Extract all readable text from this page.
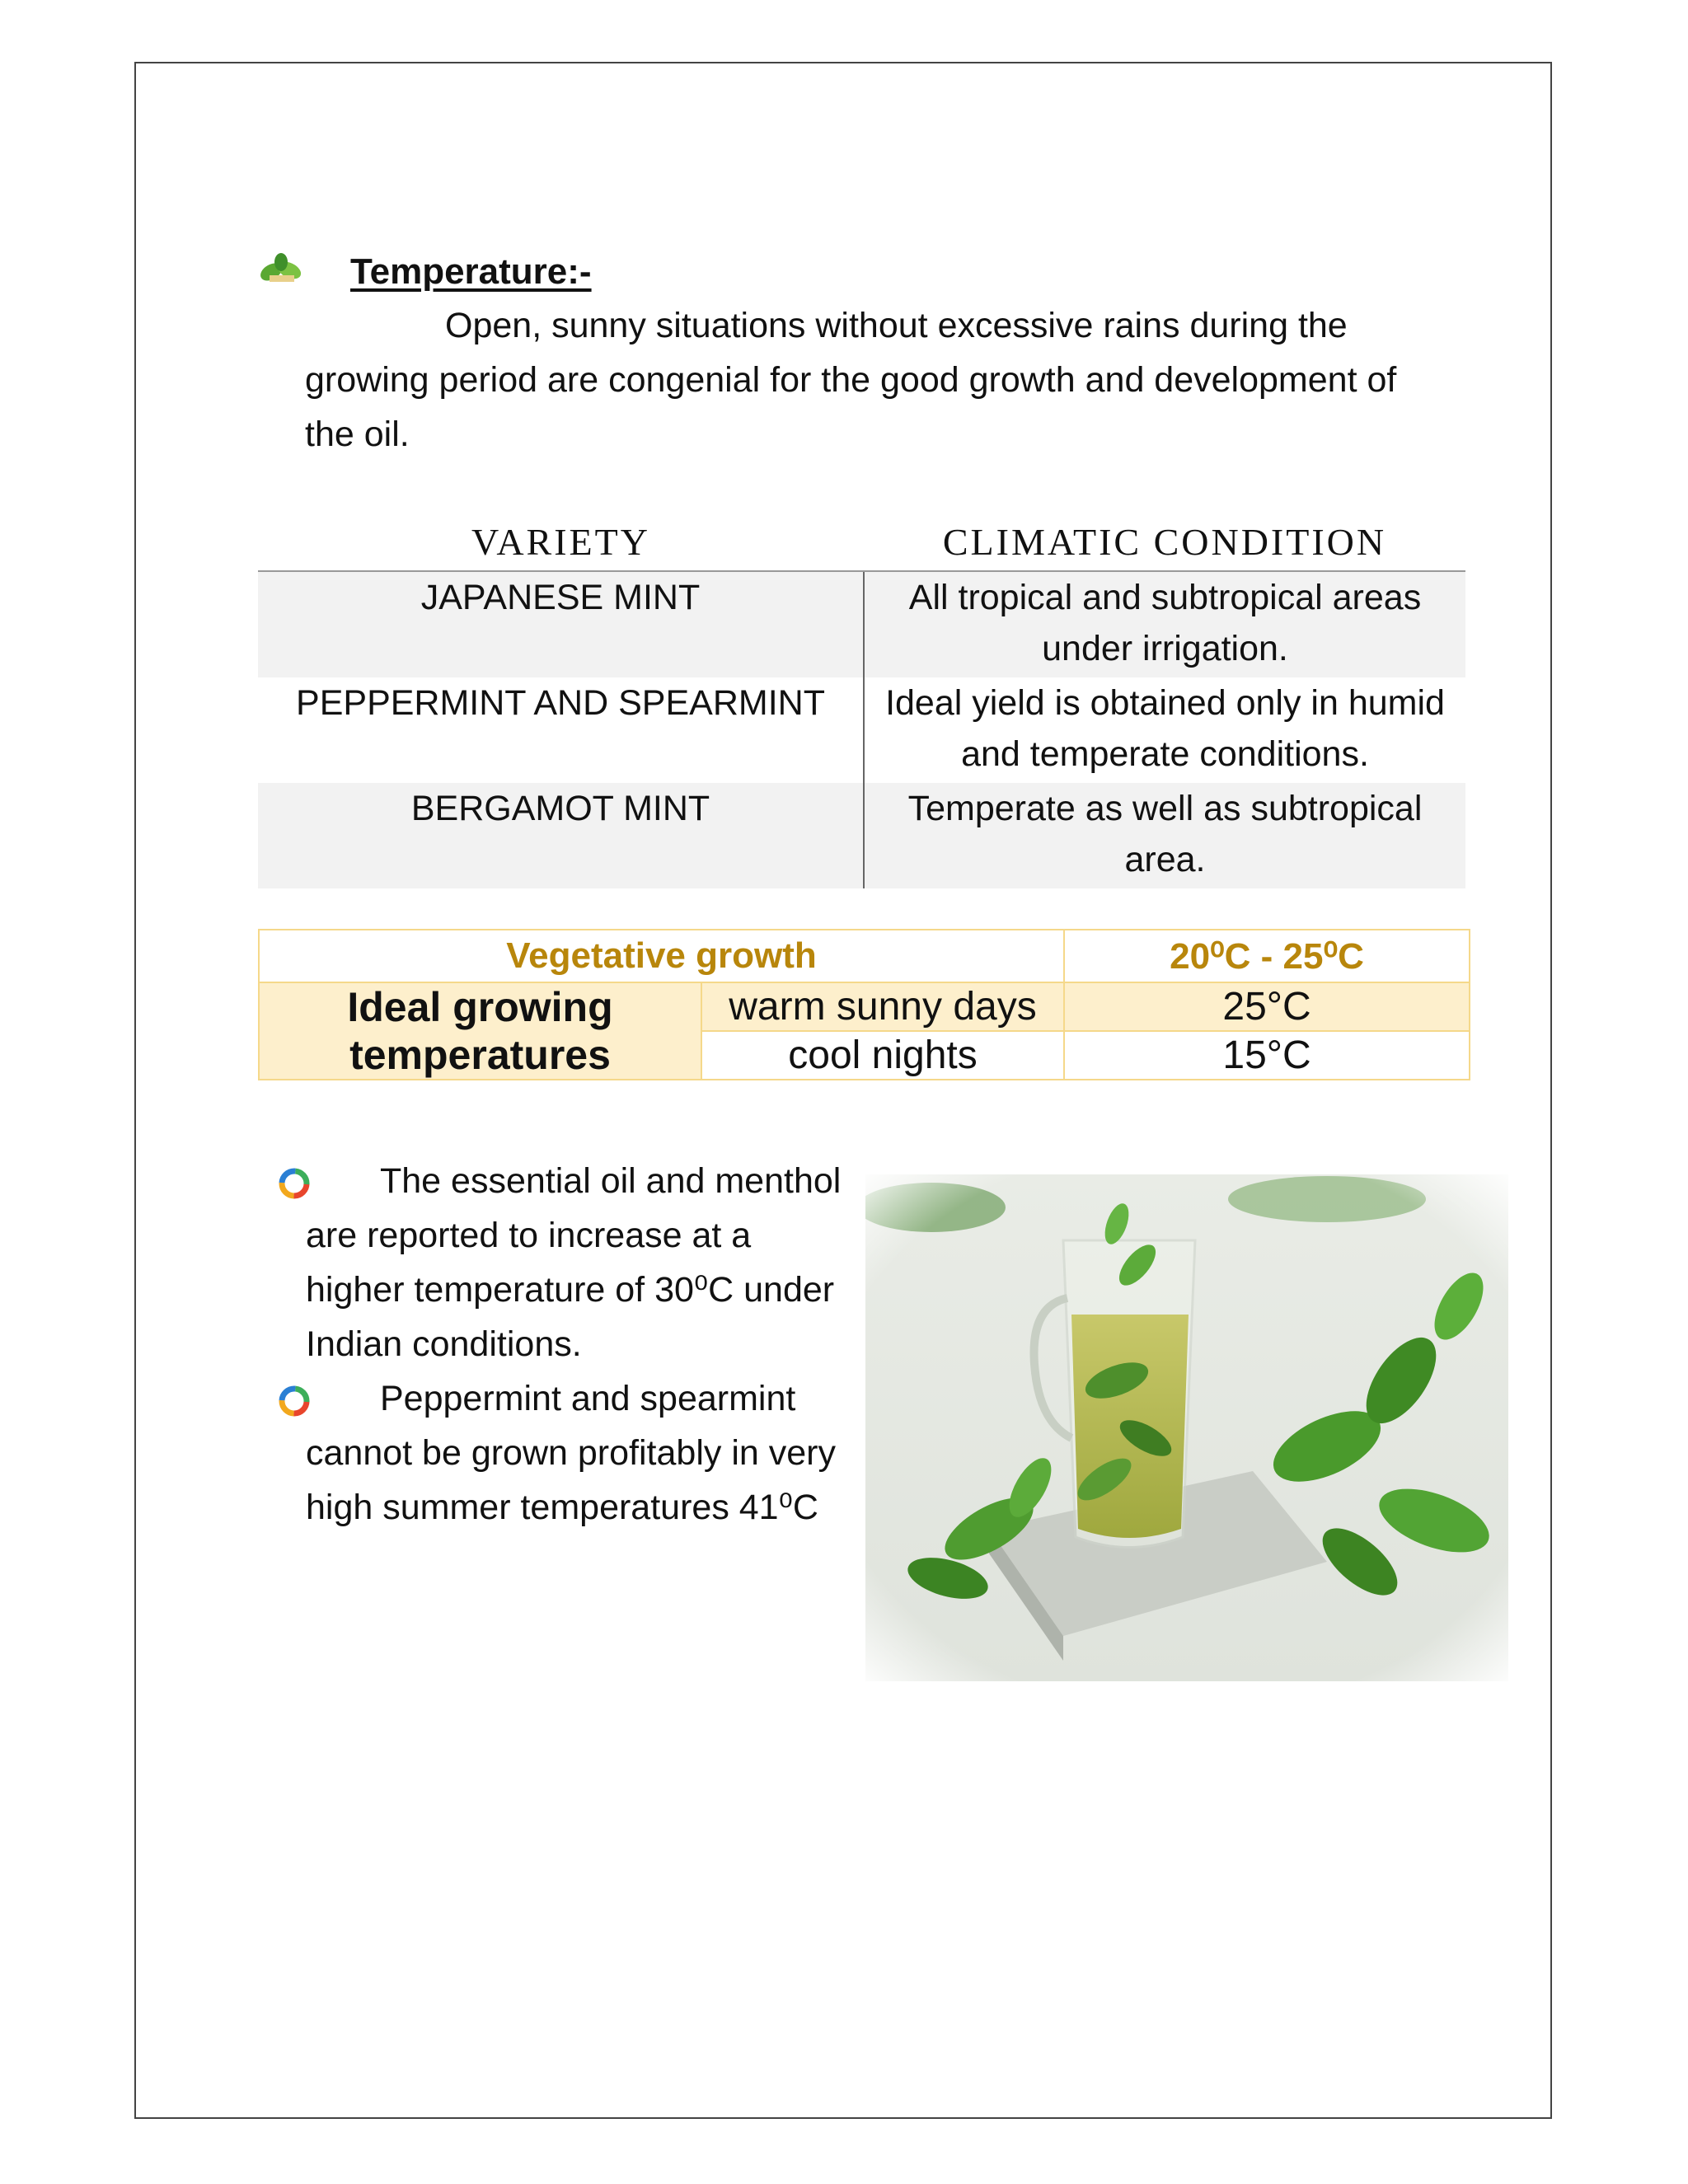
Temperature:-
Open, sunny situations without excessive rains during the
growing period are congenial for the good growth and development of the oil.
VARIETY	CLIMATIC CONDITION
JAPANESE MINT	All tropical and subtropical areas under irrigation.
PEPPERMINT AND SPEARMINT	Ideal yield is obtained only in humid and temperate conditions.
BERGAMOT MINT	Temperate as well as subtropical area.
Vegetative growth		20⁰C - 25⁰C
Ideal growing temperatures	warm sunny days	25°C
	cool nights	15°C

The essential oil and menthol are reported to increase at a higher temperature of 30⁰C under Indian conditions.

Peppermint and spearmint cannot be grown profitably in very high summer temperatures 41⁰C
